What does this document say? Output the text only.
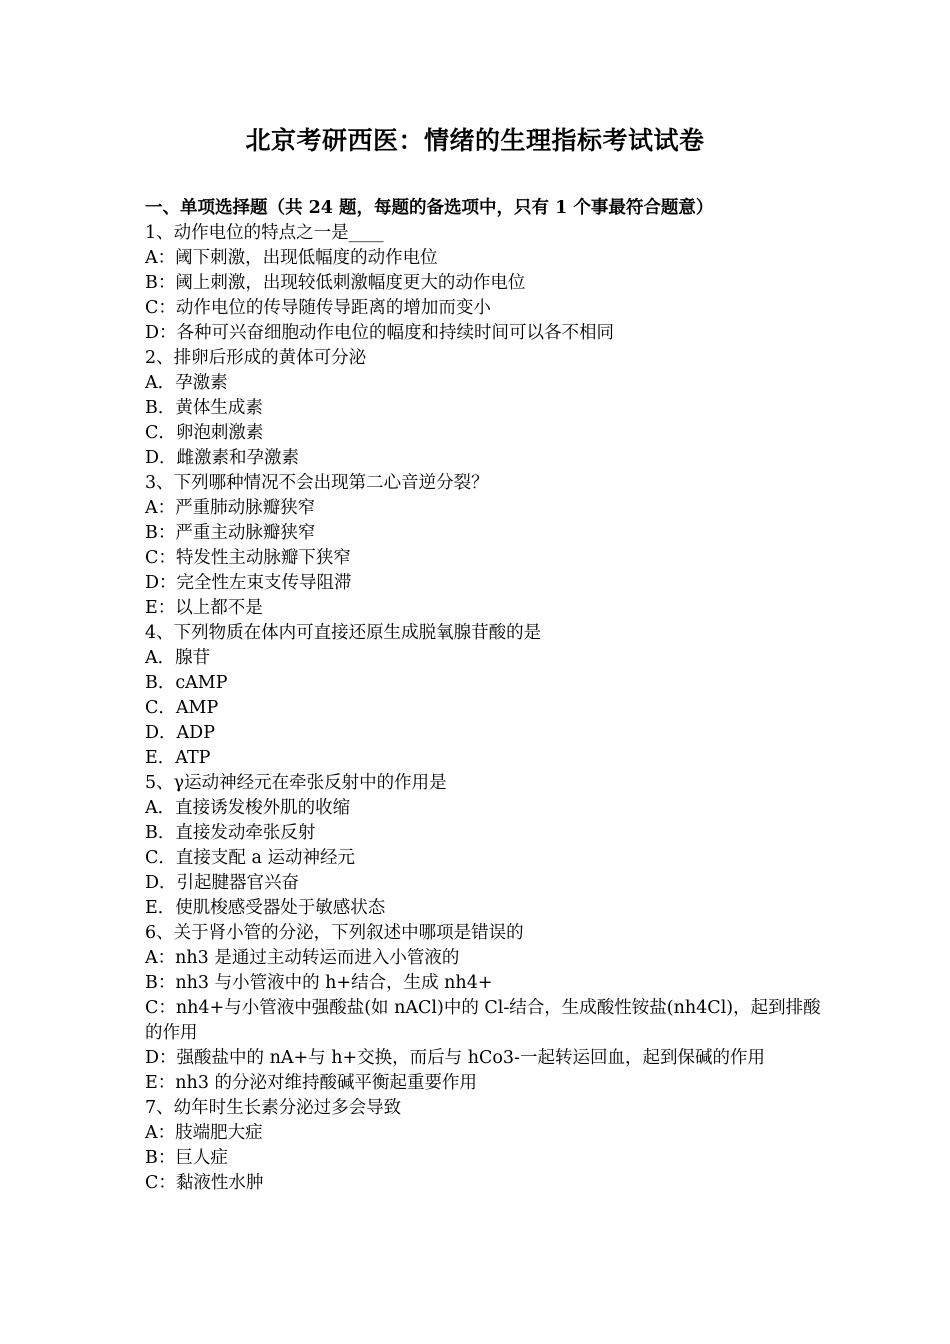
北京考研西医：情绪的生理指标考试试卷
一、单项选择题（共 24 题，每题的备选项中，只有 1 个事最符合题意）
1、动作电位的特点之一是____
A：阈下刺激，出现低幅度的动作电位
B：阈上刺激，出现较低刺激幅度更大的动作电位
C：动作电位的传导随传导距离的增加而变小
D：各种可兴奋细胞动作电位的幅度和持续时间可以各不相同
2、排卵后形成的黄体可分泌
A．孕激素
B．黄体生成素
C．卵泡刺激素
D．雌激素和孕激素
3、下列哪种情况不会出现第二心音逆分裂？
A：严重肺动脉瓣狭窄
B：严重主动脉瓣狭窄
C：特发性主动脉瓣下狭窄
D：完全性左束支传导阻滞
E：以上都不是
4、下列物质在体内可直接还原生成脱氧腺苷酸的是
A．腺苷
B．cAMP
C．AMP
D．ADP
E．ATP
5、γ运动神经元在牵张反射中的作用是
A．直接诱发梭外肌的收缩
B．直接发动牵张反射
C．直接支配 a 运动神经元
D．引起腱器官兴奋
E．使肌梭感受器处于敏感状态
6、关于肾小管的分泌，下列叙述中哪项是错误的
A：nh3 是通过主动转运而进入小管液的
B：nh3 与小管液中的 h+结合，生成 nh4+
C：nh4+与小管液中强酸盐(如 nACl)中的 Cl-结合，生成酸性铵盐(nh4Cl)，起到排酸的作用
D：强酸盐中的 nA+与 h+交换，而后与 hCo3-一起转运回血，起到保碱的作用
E：nh3 的分泌对维持酸碱平衡起重要作用
7、幼年时生长素分泌过多会导致
A：肢端肥大症
B：巨人症
C：黏液性水肿
